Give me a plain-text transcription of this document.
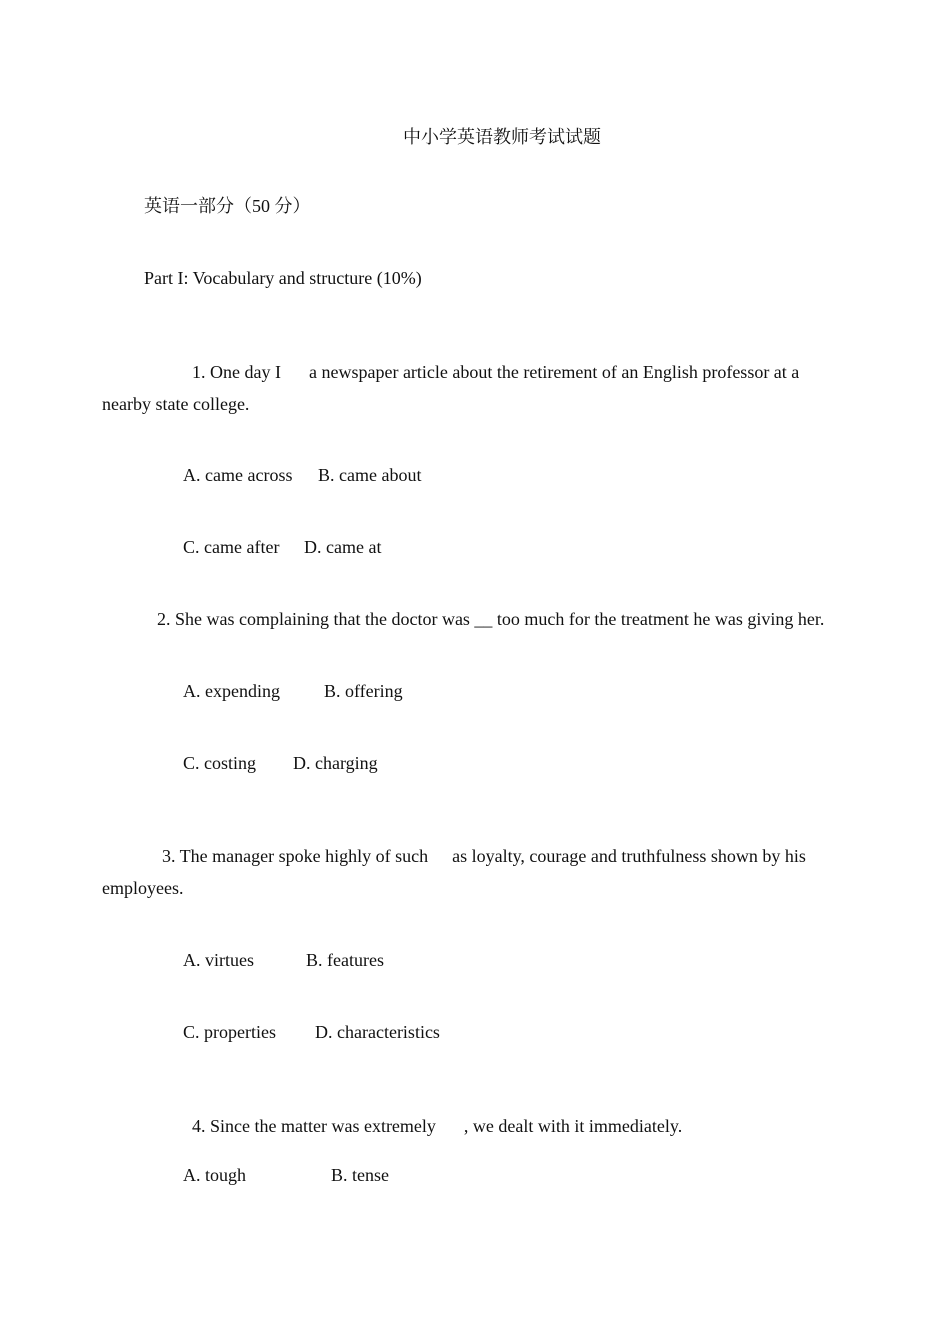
中小学英语教师考试试题
英语一部分（50 分）
Part I: Vocabulary and structure (10%)

1. One day I a newspaper article about the retirement of an English professor at a

nearby state college.
A. came across B. came about
C. came after D. came at
2. She was complaining that the doctor was __ too much for the treatment he was giving her.
A. expending B. offering
C. costing D. charging

3. The manager spoke highly of such as loyalty, courage and truthfulness shown by his

employees.
A. virtues	B. features
C. properties D. characteristics

4. Since the matter was extremely , we dealt with it immediately.

A. tough	B. tense
